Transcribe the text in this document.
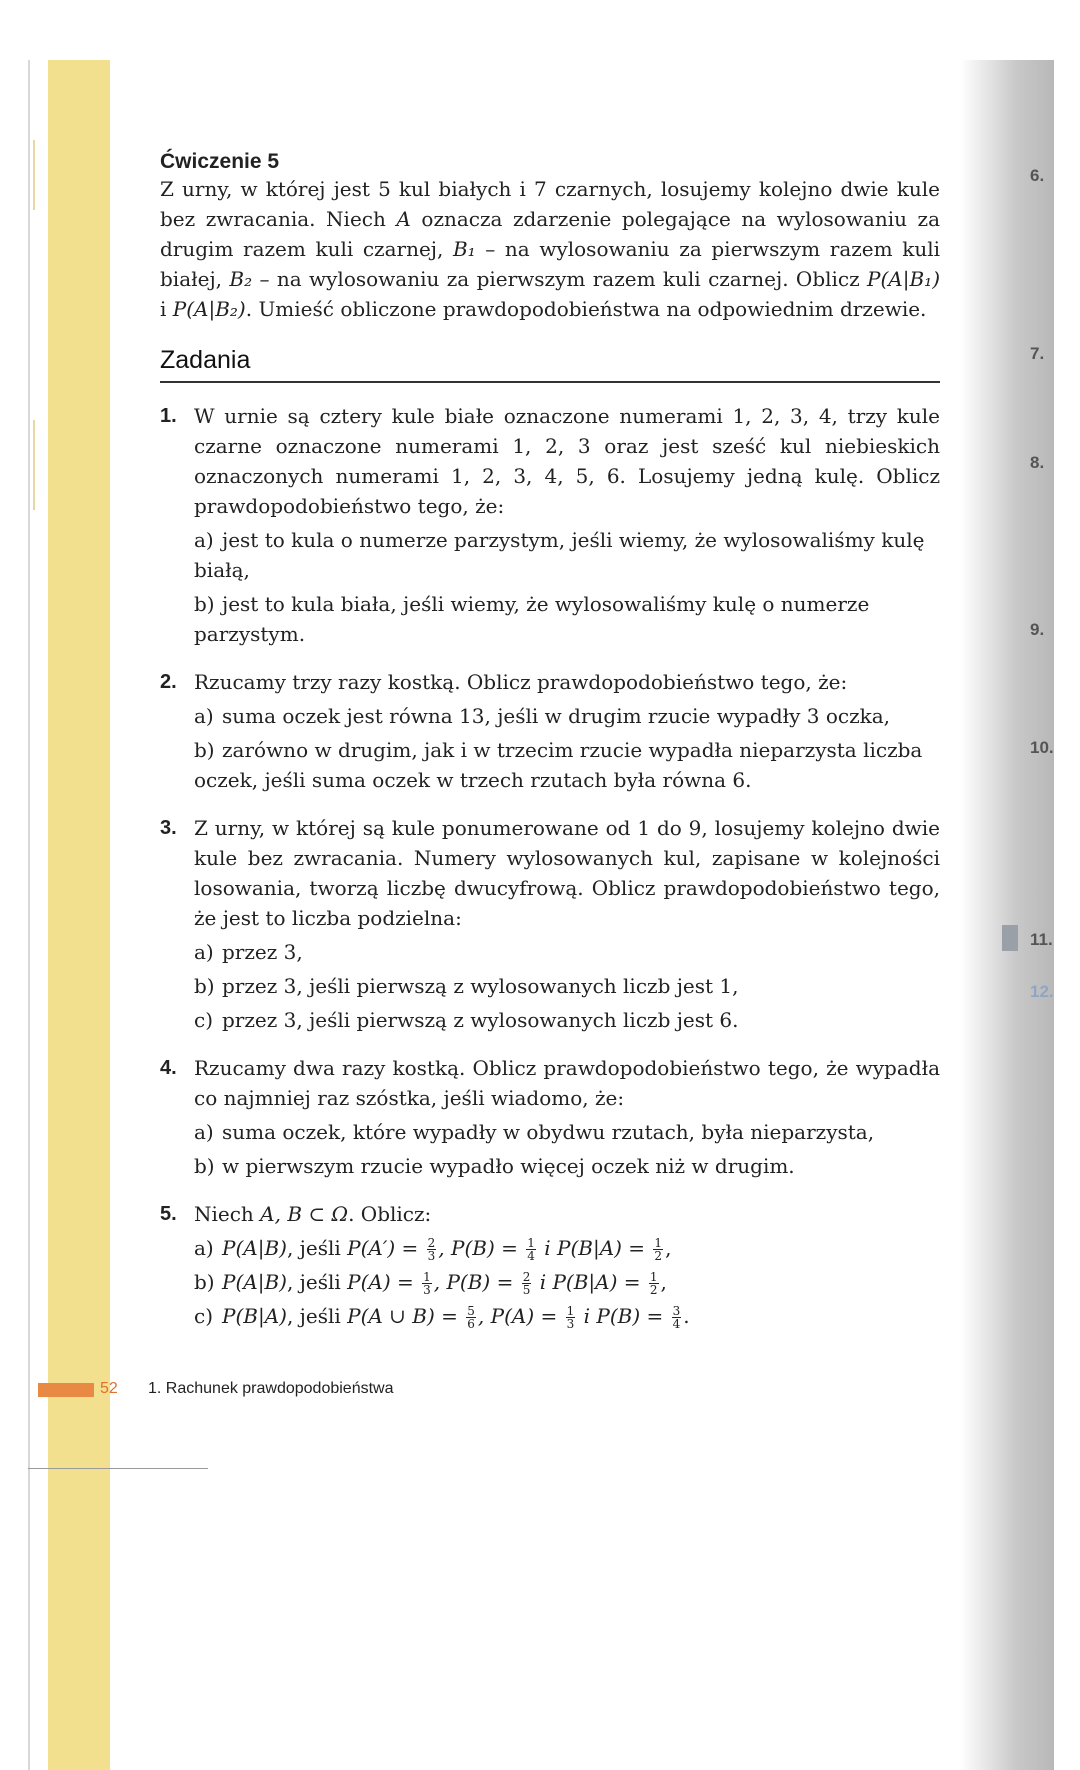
6.
7.
8.
9.
10.
11.
12.
Ćwiczenie 5

Z urny, w której jest 5 kul białych i 7 czarnych, losujemy kolejno dwie kule bez zwracania. Niech A oznacza zdarzenie polegające na wylosowaniu za drugim razem kuli czarnej, B₁ – na wylosowaniu za pierwszym razem kuli białej, B₂ – na wylosowaniu za pierwszym razem kuli czarnej. Oblicz P(A|B₁) i P(A|B₂). Umieść obliczone prawdopodobieństwa na odpowiednim drzewie.

Zadania
1. W urnie są cztery kule białe oznaczone numerami 1, 2, 3, 4, trzy kule czarne oznaczone numerami 1, 2, 3 oraz jest sześć kul niebieskich oznaczonych numerami 1, 2, 3, 4, 5, 6. Losujemy jedną kulę. Oblicz prawdopodobieństwo tego, że:
a) jest to kula o numerze parzystym, jeśli wiemy, że wylosowaliśmy kulę białą,
b) jest to kula biała, jeśli wiemy, że wylosowaliśmy kulę o numerze parzystym.
2. Rzucamy trzy razy kostką. Oblicz prawdopodobieństwo tego, że:
a) suma oczek jest równa 13, jeśli w drugim rzucie wypadły 3 oczka,
b) zarówno w drugim, jak i w trzecim rzucie wypadła nieparzysta liczba oczek, jeśli suma oczek w trzech rzutach była równa 6.
3. Z urny, w której są kule ponumerowane od 1 do 9, losujemy kolejno dwie kule bez zwracania. Numery wylosowanych kul, zapisane w kolejności losowania, tworzą liczbę dwucyfrową. Oblicz prawdopodobieństwo tego, że jest to liczba podzielna:
a) przez 3,
b) przez 3, jeśli pierwszą z wylosowanych liczb jest 1,
c) przez 3, jeśli pierwszą z wylosowanych liczb jest 6.
4. Rzucamy dwa razy kostką. Oblicz prawdopodobieństwo tego, że wypadła co najmniej raz szóstka, jeśli wiadomo, że:
a) suma oczek, które wypadły w obydwu rzutach, była nieparzysta,
b) w pierwszym rzucie wypadło więcej oczek niż w drugim.
5. Niech A, B ⊂ Ω. Oblicz:
a) P(A|B), jeśli $P(A') = \frac{2}{3}$ , $P(B) = \frac{1}{4}$ i $P(B|A) = \frac{1}{2}$ ,
b) P(A|B), jeśli $P(A) = \frac{1}{3}$ , $P(B) = \frac{2}{5}$ i $P(B|A) = \frac{1}{2}$ ,
c) P(B|A), jeśli P(A ∪ $B) = \frac{5}{6}$ , $P(A) = \frac{1}{3}$ i $P(B) = \frac{3}{4}$ .
52 1. Rachunek prawdopodobieństwa
